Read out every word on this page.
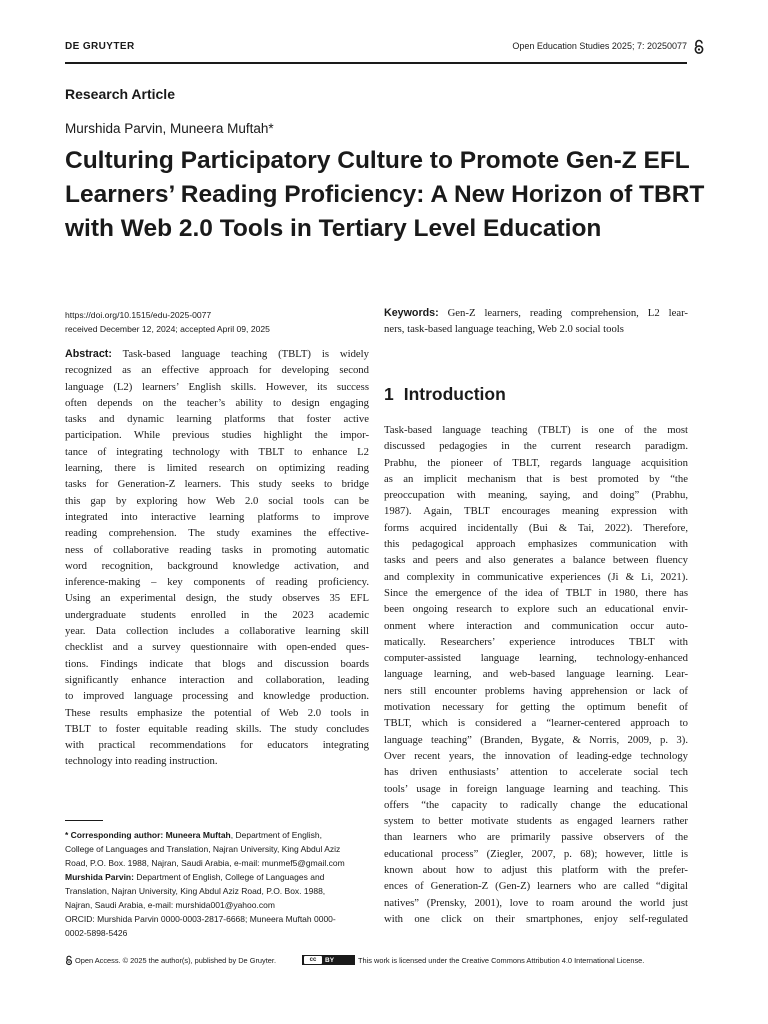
DE GRUYTER	Open Education Studies 2025; 7: 20250077
Research Article
Murshida Parvin, Muneera Muftah*
Culturing Participatory Culture to Promote Gen-Z EFL Learners’ Reading Proficiency: A New Horizon of TBRT with Web 2.0 Tools in Tertiary Level Education
https://doi.org/10.1515/edu-2025-0077
received December 12, 2024; accepted April 09, 2025
Abstract: Task-based language teaching (TBLT) is widely
recognized as an effective approach for developing second
language (L2) learners’ English skills. However, its success
often depends on the teacher’s ability to design engaging
tasks and dynamic learning platforms that foster active
participation. While previous studies highlight the impor-
tance of integrating technology with TBLT to enhance L2
learning, there is limited research on optimizing reading
tasks for Generation-Z learners. This study seeks to bridge
this gap by exploring how Web 2.0 social tools can be
integrated into interactive learning platforms to improve
reading comprehension. The study examines the effective-
ness of collaborative reading tasks in promoting automatic
word recognition, background knowledge activation, and
inference-making – key components of reading proficiency.
Using an experimental design, the study observes 35 EFL
undergraduate students enrolled in the 2023 academic
year. Data collection includes a collaborative learning skill
checklist and a survey questionnaire with open-ended ques-
tions. Findings indicate that blogs and discussion boards
significantly enhance interaction and collaboration, leading
to improved language processing and knowledge production.
These results emphasize the potential of Web 2.0 tools in
TBLT to foster equitable reading skills. The study concludes
with practical recommendations for educators integrating
technology into reading instruction.
Keywords: Gen-Z learners, reading comprehension, L2 lear-
ners, task-based language teaching, Web 2.0 social tools
1 Introduction
Task-based language teaching (TBLT) is one of the most
discussed pedagogies in the current research paradigm.
Prabhu, the pioneer of TBLT, regards language acquisition
as an implicit mechanism that is best promoted by “the
preoccupation with meaning, saying, and doing” (Prabhu,
1987). Again, TBLT encourages meaning expression with
forms acquired incidentally (Bui & Tai, 2022). Therefore,
this pedagogical approach emphasizes communication with
tasks and peers and also generates a balance between fluency
and complexity in communicative experiences (Ji & Li, 2021).
Since the emergence of the idea of TBLT in 1980, there has
been ongoing research to explore such an educational envir-
onment where interaction and communication occur auto-
matically. Researchers’ experience introduces TBLT with
computer-assisted language learning, technology-enhanced
language learning, and web-based language learning. Lear-
ners still encounter problems having apprehension or lack of
motivation necessary for getting the optimum benefit of
TBLT, which is considered a “learner-centered approach to
language teaching” (Branden, Bygate, & Norris, 2009, p. 3).
Over recent years, the innovation of leading-edge technology
has driven enthusiasts’ attention to accelerate social tech
tools’ usage in foreign language learning and teaching. This
offers “the capacity to radically change the educational
system to better motivate students as engaged learners rather
than learners who are primarily passive observers of the
educational process” (Ziegler, 2007, p. 68); however, little is
known about how to adjust this platform with the prefer-
ences of Generation-Z (Gen-Z) learners who are called “digital
natives” (Prensky, 2001), love to roam around the world just
with one click on their smartphones, enjoy self-regulated
* Corresponding author: Muneera Muftah, Department of English,
College of Languages and Translation, Najran University, King Abdul Aziz
Road, P.O. Box. 1988, Najran, Saudi Arabia, e-mail: munmef5@gmail.com
Murshida Parvin: Department of English, College of Languages and
Translation, Najran University, King Abdul Aziz Road, P.O. Box. 1988,
Najran, Saudi Arabia, e-mail: murshida001@yahoo.com
ORCID: Murshida Parvin 0000-0003-2817-6668; Muneera Muftah 0000-
0002-5898-5426
Open Access. © 2025 the author(s), published by De Gruyter.	cc	BY	This work is licensed under the Creative Commons Attribution 4.0 International License.
